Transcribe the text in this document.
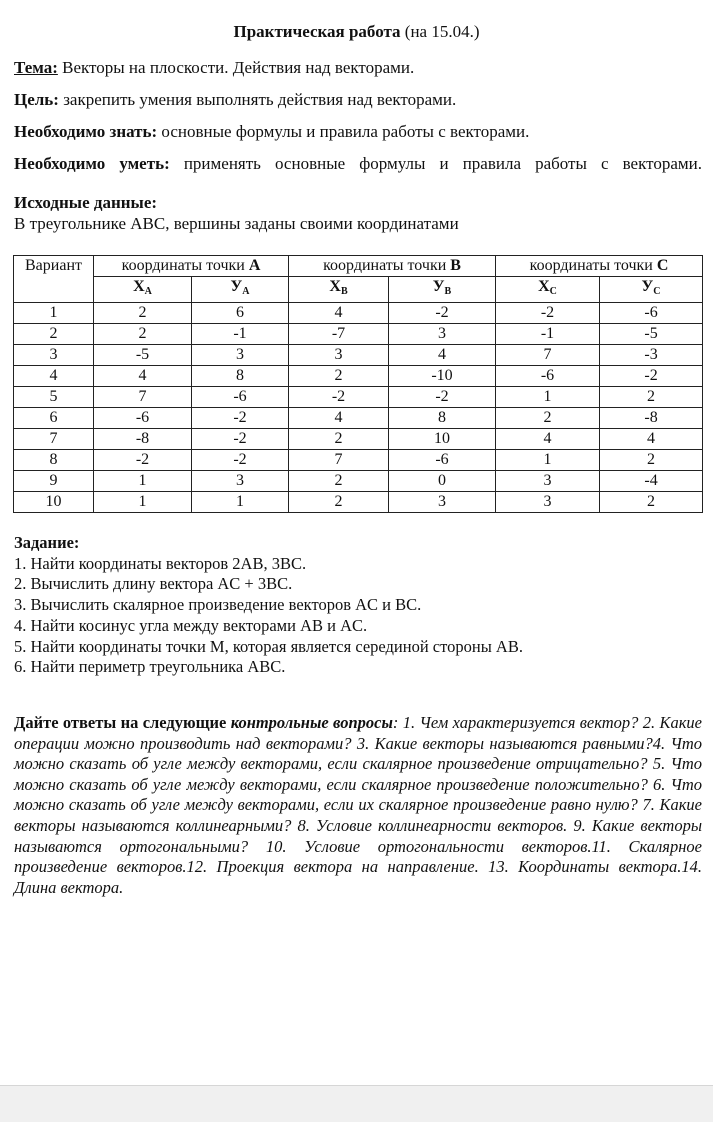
Практическая работа (на 15.04.)
Тема: Векторы на плоскости. Действия над векторами.
Цель: закрепить умения выполнять действия над векторами.
Необходимо знать: основные формулы и правила работы с векторами.
Необходимо уметь: применять основные формулы и правила работы с векторами.
Исходные данные:
В треугольнике ABC, вершины заданы своими координатами
Вариант	координаты точки A		координаты точки B		координаты точки C	
	$X_A$	$У_A$	$X_B$	$У_B$	$X_C$	$У_C$
1	2	6	4	-2	-2	-6
2	2	-1	-7	3	-1	-5
3	-5	3	3	4	7	-3
4	4	8	2	-10	-6	-2
5	7	-6	-2	-2	1	2
6	-6	-2	4	8	2	-8
7	-8	-2	2	10	4	4
8	-2	-2	7	-6	1	2
9	1	3	2	0	3	-4
10	1	1	2	3	3	2
Задание:
1. Найти координаты векторов 2AB, 3BC.
2. Вычислить длину вектора AC + 3BC.
3. Вычислить скалярное произведение векторов AC и BC.
4. Найти косинус угла между векторами AB и AC.
5. Найти координаты точки M, которая является серединой стороны AB.
6. Найти периметр треугольника ABC.
Дайте ответы на следующие контрольные вопросы: 1. Чем характеризуется вектор? 2. Какие операции можно производить над векторами? 3. Какие векторы называются равными?4. Что можно сказать об угле между векторами, если скалярное произведение отрицательно? 5. Что можно сказать об угле между векторами, если скалярное произведение положительно? 6. Что можно сказать об угле между векторами, если их скалярное произведение равно нулю? 7. Какие векторы называются коллинеарными? 8. Условие коллинеарности векторов. 9. Какие векторы называются ортогональными? 10. Условие ортогональности векторов.11. Скалярное произведение векторов.12. Проекция вектора на направление. 13. Координаты вектора.14. Длина вектора.
